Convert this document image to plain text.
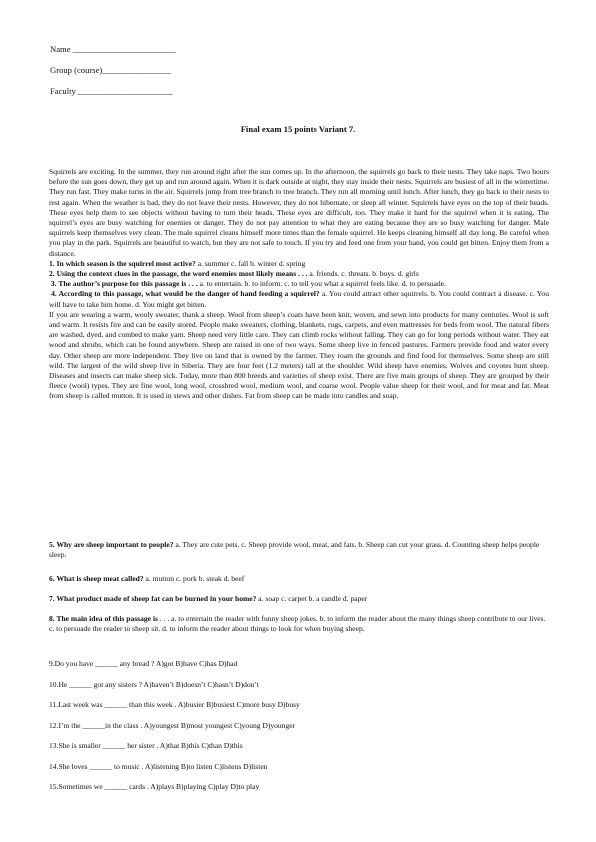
Name ________________________
Group (course)________________
Faculty ______________________
Final exam 15 points Variant 7.

Squirrels are exciting. In the summer, they run around right after the sun comes up. In the afternoon, the squirrels go back to their nests. They take naps. Two hours before the sun goes down, they get up and run around again. When it is dark outside at night, they stay inside their nests. Squirrels are busiest of all in the wintertime. They run fast. They make turns in the air. Squirrels jump from tree branch to tree branch. They run all morning until lunch. After lunch, they go back to their nests to rest again. When the weather is bad, they do not leave their nests. However, they do not hibernate, or sleep all winter. Squirrels have eyes on the top of their heads. These eyes help them to see objects without having to turn their heads. These eyes are difficult, too. They make it hard for the squirrel when it is eating. The squirrel’s eyes are busy watching for enemies or danger. They do not pay attention to what they are eating because they are so busy watching for danger. Male squirrels keep themselves very clean. The male squirrel cleans himself more times than the female squirrel. He keeps cleaning himself all day long. Be careful when you play in the park. Squirrels are beautiful to watch, but they are not safe to touch. If you try and feed one from your hand, you could get bitten. Enjoy them from a distance.

1. In which season is the squirrel most active? a. summer c. fall b. winter d. spring

2. Using the context clues in the passage, the word enemies most likely means . . . a. friends. c. threats. b. boys. d. girls

3. The author’s purpose for this passage is . . . a. to entertain. b. to inform. c. to tell you what a squirrel feels like. d. to persuade.

4. According to this passage, what would be the danger of hand feeding a squirrel? a. You could attract other squirrels. b. You could contract a disease. c. You will have to take him home. d. You might get bitten.

If you are wearing a warm, wooly sweater, thank a sheep. Wool from sheep’s coats have been knit, woven, and sewn into products for many centuries. Wool is soft and warm. It resists fire and can be easily stored. People make sweaters, clothing, blankets, rugs, carpets, and even mattresses for beds from wool. The natural fibers are washed, dyed, and combed to make yarn. Sheep need very little care. They can climb rocks without falling. They can go for long periods without water. They eat wood and shrubs, which can be found anywhere. Sheep are raised in one of two ways. Some sheep live in fenced pastures. Farmers provide food and water every day. Other sheep are more independent. They live on land that is owned by the farmer. They roam the grounds and find food for themselves. Some sheep are still wild. The largest of the wild sheep live in Siberia. They are four feet (1.2 meters) tall at the shoulder. Wild sheep have enemies. Wolves and coyotes hunt sheep. Diseases and insects can make sheep sick. Today, more than 800 breeds and varieties of sheep exist. There are five main groups of sheep. They are grouped by their fleece (wool) types. They are fine wool, long wool, crossbred wool, medium wool, and coarse wool. People value sheep for their wool, and for meat and fat. Meat from sheep is called mutton. It is used in stews and other dishes. Fat from sheep can be made into candles and soap.

5. Why are sheep important to people? a. They are cute pets. c. Sheep provide wool, meat, and fats. b. Sheep can cut your grass. d. Counting sheep helps people sleep.

6. What is sheep meat called? a. mutton c. pork b. steak d. beef

7. What product made of sheep fat can be burned in your home? a. soap c. carpet b. a candle d. paper

8. The main idea of this passage is . . . a. to entertain the reader with funny sheep jokes. b. to inform the reader about the many things sheep contribute to our lives. c. to persuade the reader to sheep sit. d. to inform the reader about things to look for when buying sheep.

9.Do you have ______ any bread ? A)got B)have C)has D)had

10.He ______ got any sisters ? A)haven’t B)doesn’t C)hasn’t D)don’t

11.Last week was ______ than this week . A)busier B)busiest C)more busy D)busy

12.I’m the ______in the class . A)youngest B)most youngest C)young D)younger

13.She is smaller ______ her sister . A)that B)this C)than D)this

14.She loves ______ to music . A)listening B)to listen C)listens D)listen

15.Sometimes we ______ cards . A)plays B)playing C)play D)to play
